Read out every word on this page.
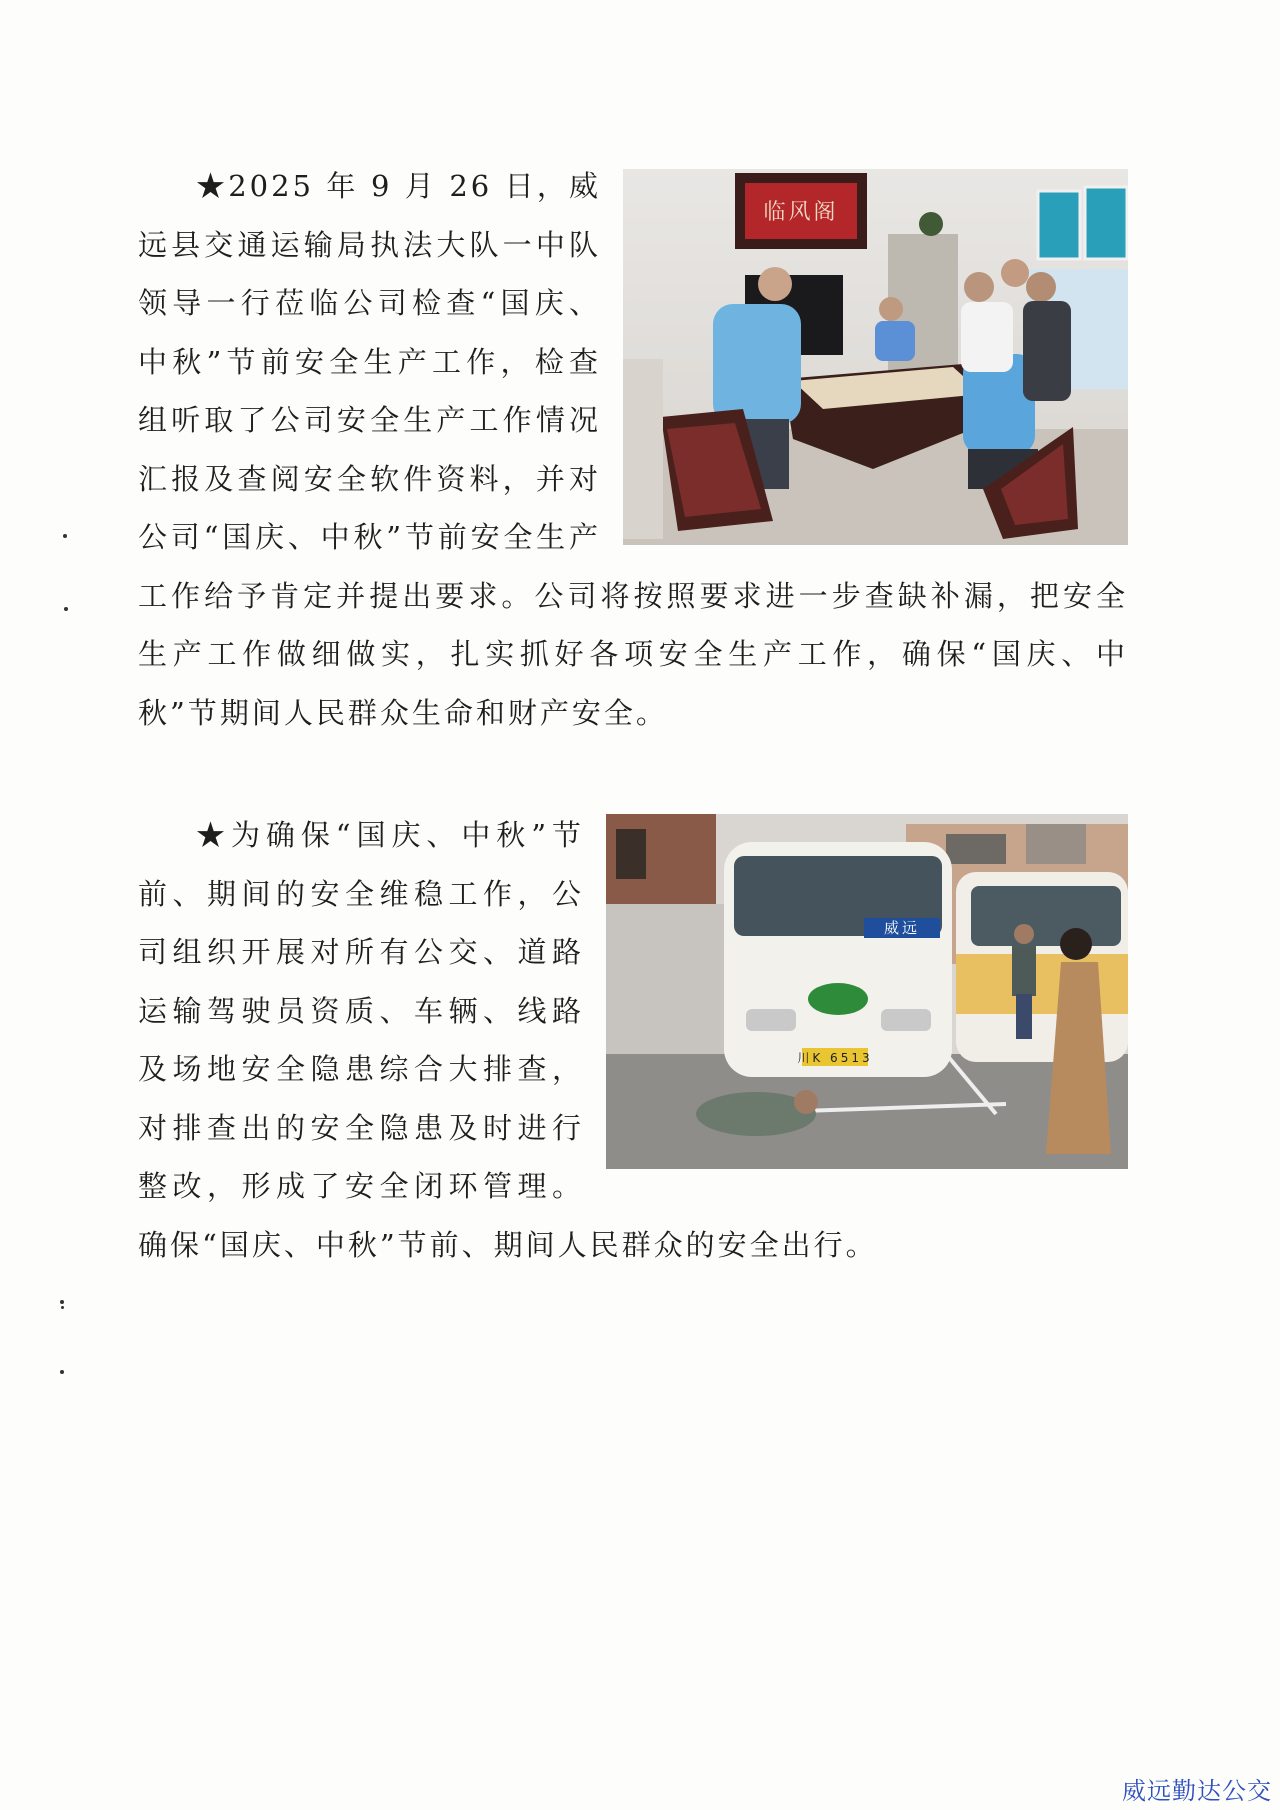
临风阁
★2025 年 9 月 26 日，威远县交通运输局执法大队一中队领导一行莅临公司检查“国庆、中秋”节前安全生产工作，检查组听取了公司安全生产工作情况汇报及查阅安全软件资料，并对公司“国庆、中秋”节前安全生产工作给予肯定并提出要求。公司将按照要求进一步查缺补漏，把安全生产工作做细做实，扎实抓好各项安全生产工作，确保“国庆、中秋”节期间人民群众生命和财产安全。

威远
川K 6513
★为确保“国庆、中秋”节前、期间的安全维稳工作，公司组织开展对所有公交、道路运输驾驶员资质、车辆、线路及场地安全隐患综合大排查，对排查出的安全隐患及时进行整改，形成了安全闭环管理。确保“国庆、中秋”节前、期间人民群众的安全出行。

威远勤达公交
